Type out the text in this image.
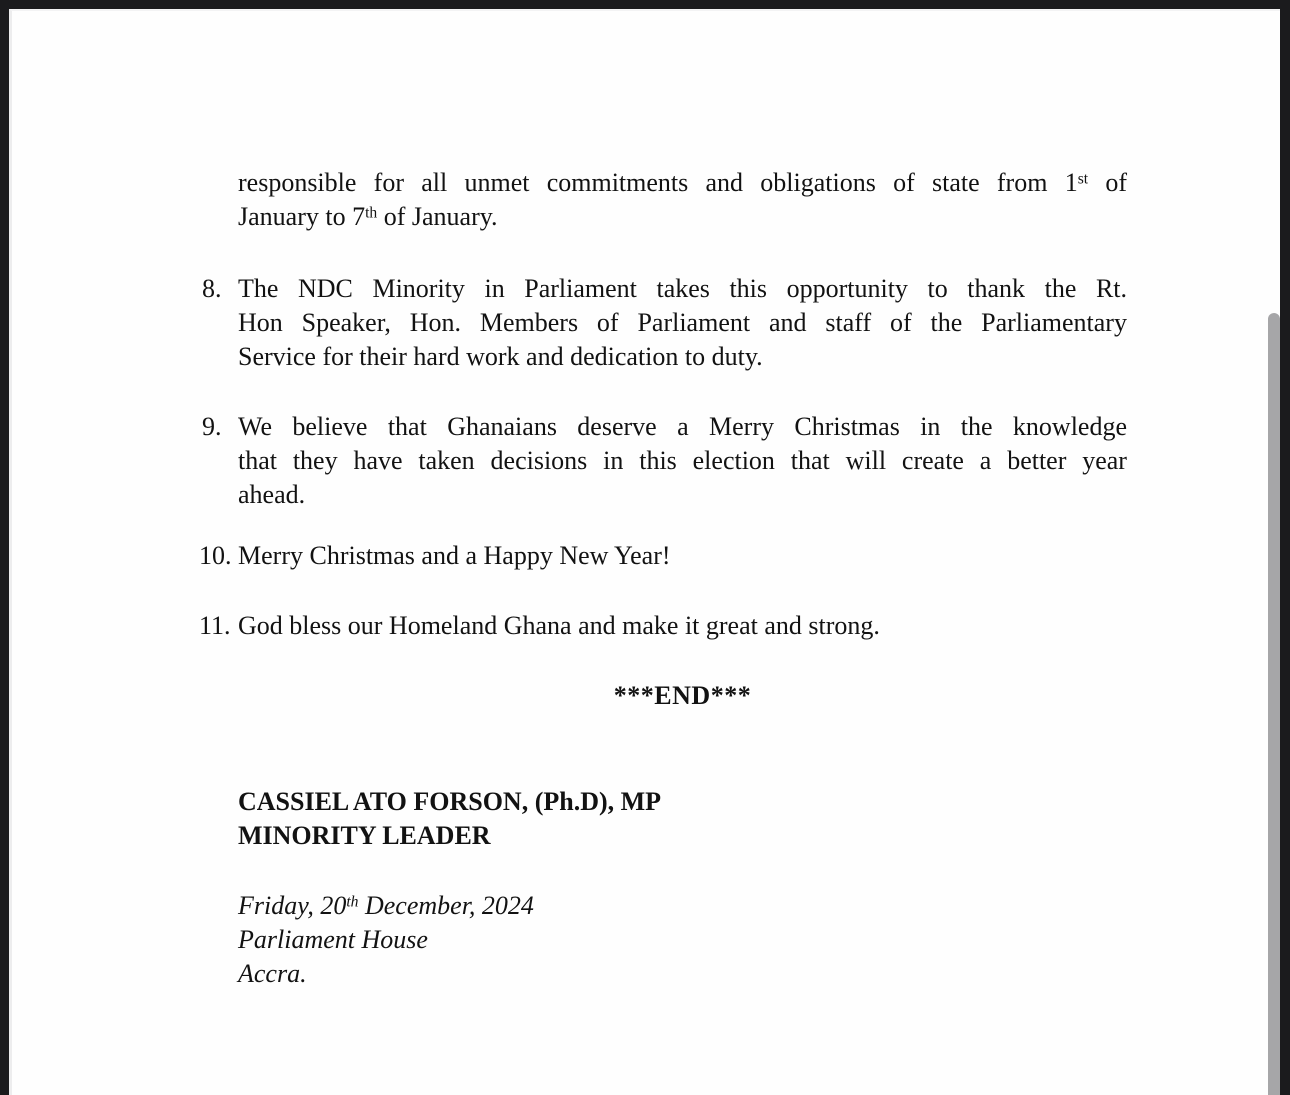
responsible for all unmet commitments and obligations of state from 1st of
January to 7th of January.
8. The NDC Minority in Parliament takes this opportunity to thank the Rt.
Hon Speaker, Hon. Members of Parliament and staff of the Parliamentary
Service for their hard work and dedication to duty.
9. We believe that Ghanaians deserve a Merry Christmas in the knowledge
that they have taken decisions in this election that will create a better year
ahead.
10. Merry Christmas and a Happy New Year!
11. God bless our Homeland Ghana and make it great and strong.
***END***
CASSIEL ATO FORSON, (Ph.D), MP
MINORITY LEADER
Friday, 20th December, 2024
Parliament House
Accra.
